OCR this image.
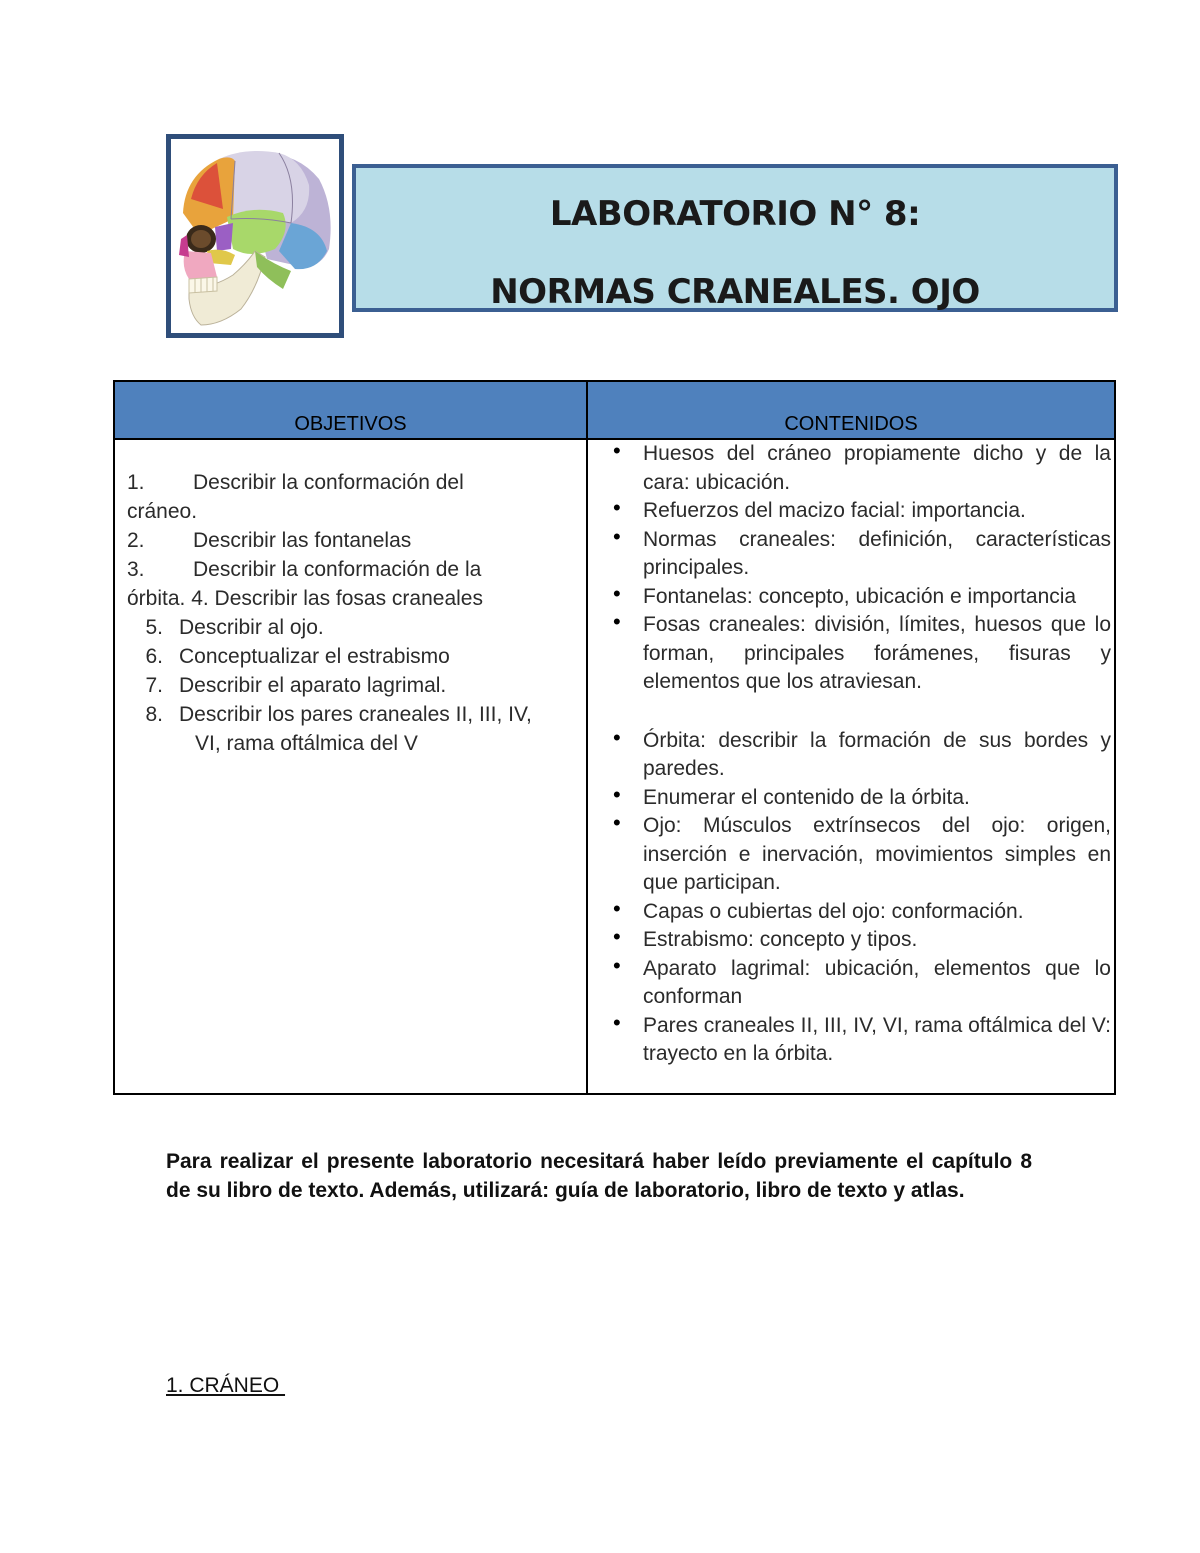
LABORATORIO N° 8:
NORMAS CRANEALES. OJO
OBJETIVOS	CONTENIDOS
1. Describir la conformación del
cráneo.
2. Describir las fontanelas
3. Describir la conformación de la
órbita. 4. Describir las fosas craneales
5. Describir al ojo.
6. Conceptualizar el estrabismo
7. Describir el aparato lagrimal.
8. Describir los pares craneales II, III, IV,
VI, rama oftálmica del V
• Huesos del cráneo propiamente dicho y de la cara: ubicación.
• Refuerzos del macizo facial: importancia.
• Normas craneales: definición, características principales.
• Fontanelas: concepto, ubicación e importancia
• Fosas craneales: división, límites, huesos que lo forman, principales forámenes, fisuras y elementos que los atraviesan.
• Órbita: describir la formación de sus bordes y paredes.
• Enumerar el contenido de la órbita.
• Ojo: Músculos extrínsecos del ojo: origen, inserción e inervación, movimientos simples en que participan.
• Capas o cubiertas del ojo: conformación.
• Estrabismo: concepto y tipos.
• Aparato lagrimal: ubicación, elementos que lo conforman
• Pares craneales II, III, IV, VI, rama oftálmica del V: trayecto en la órbita.
Para realizar el presente laboratorio necesitará haber leído previamente el capítulo 8 de su libro de texto. Además, utilizará: guía de laboratorio, libro de texto y atlas.
1. CRÁNEO
